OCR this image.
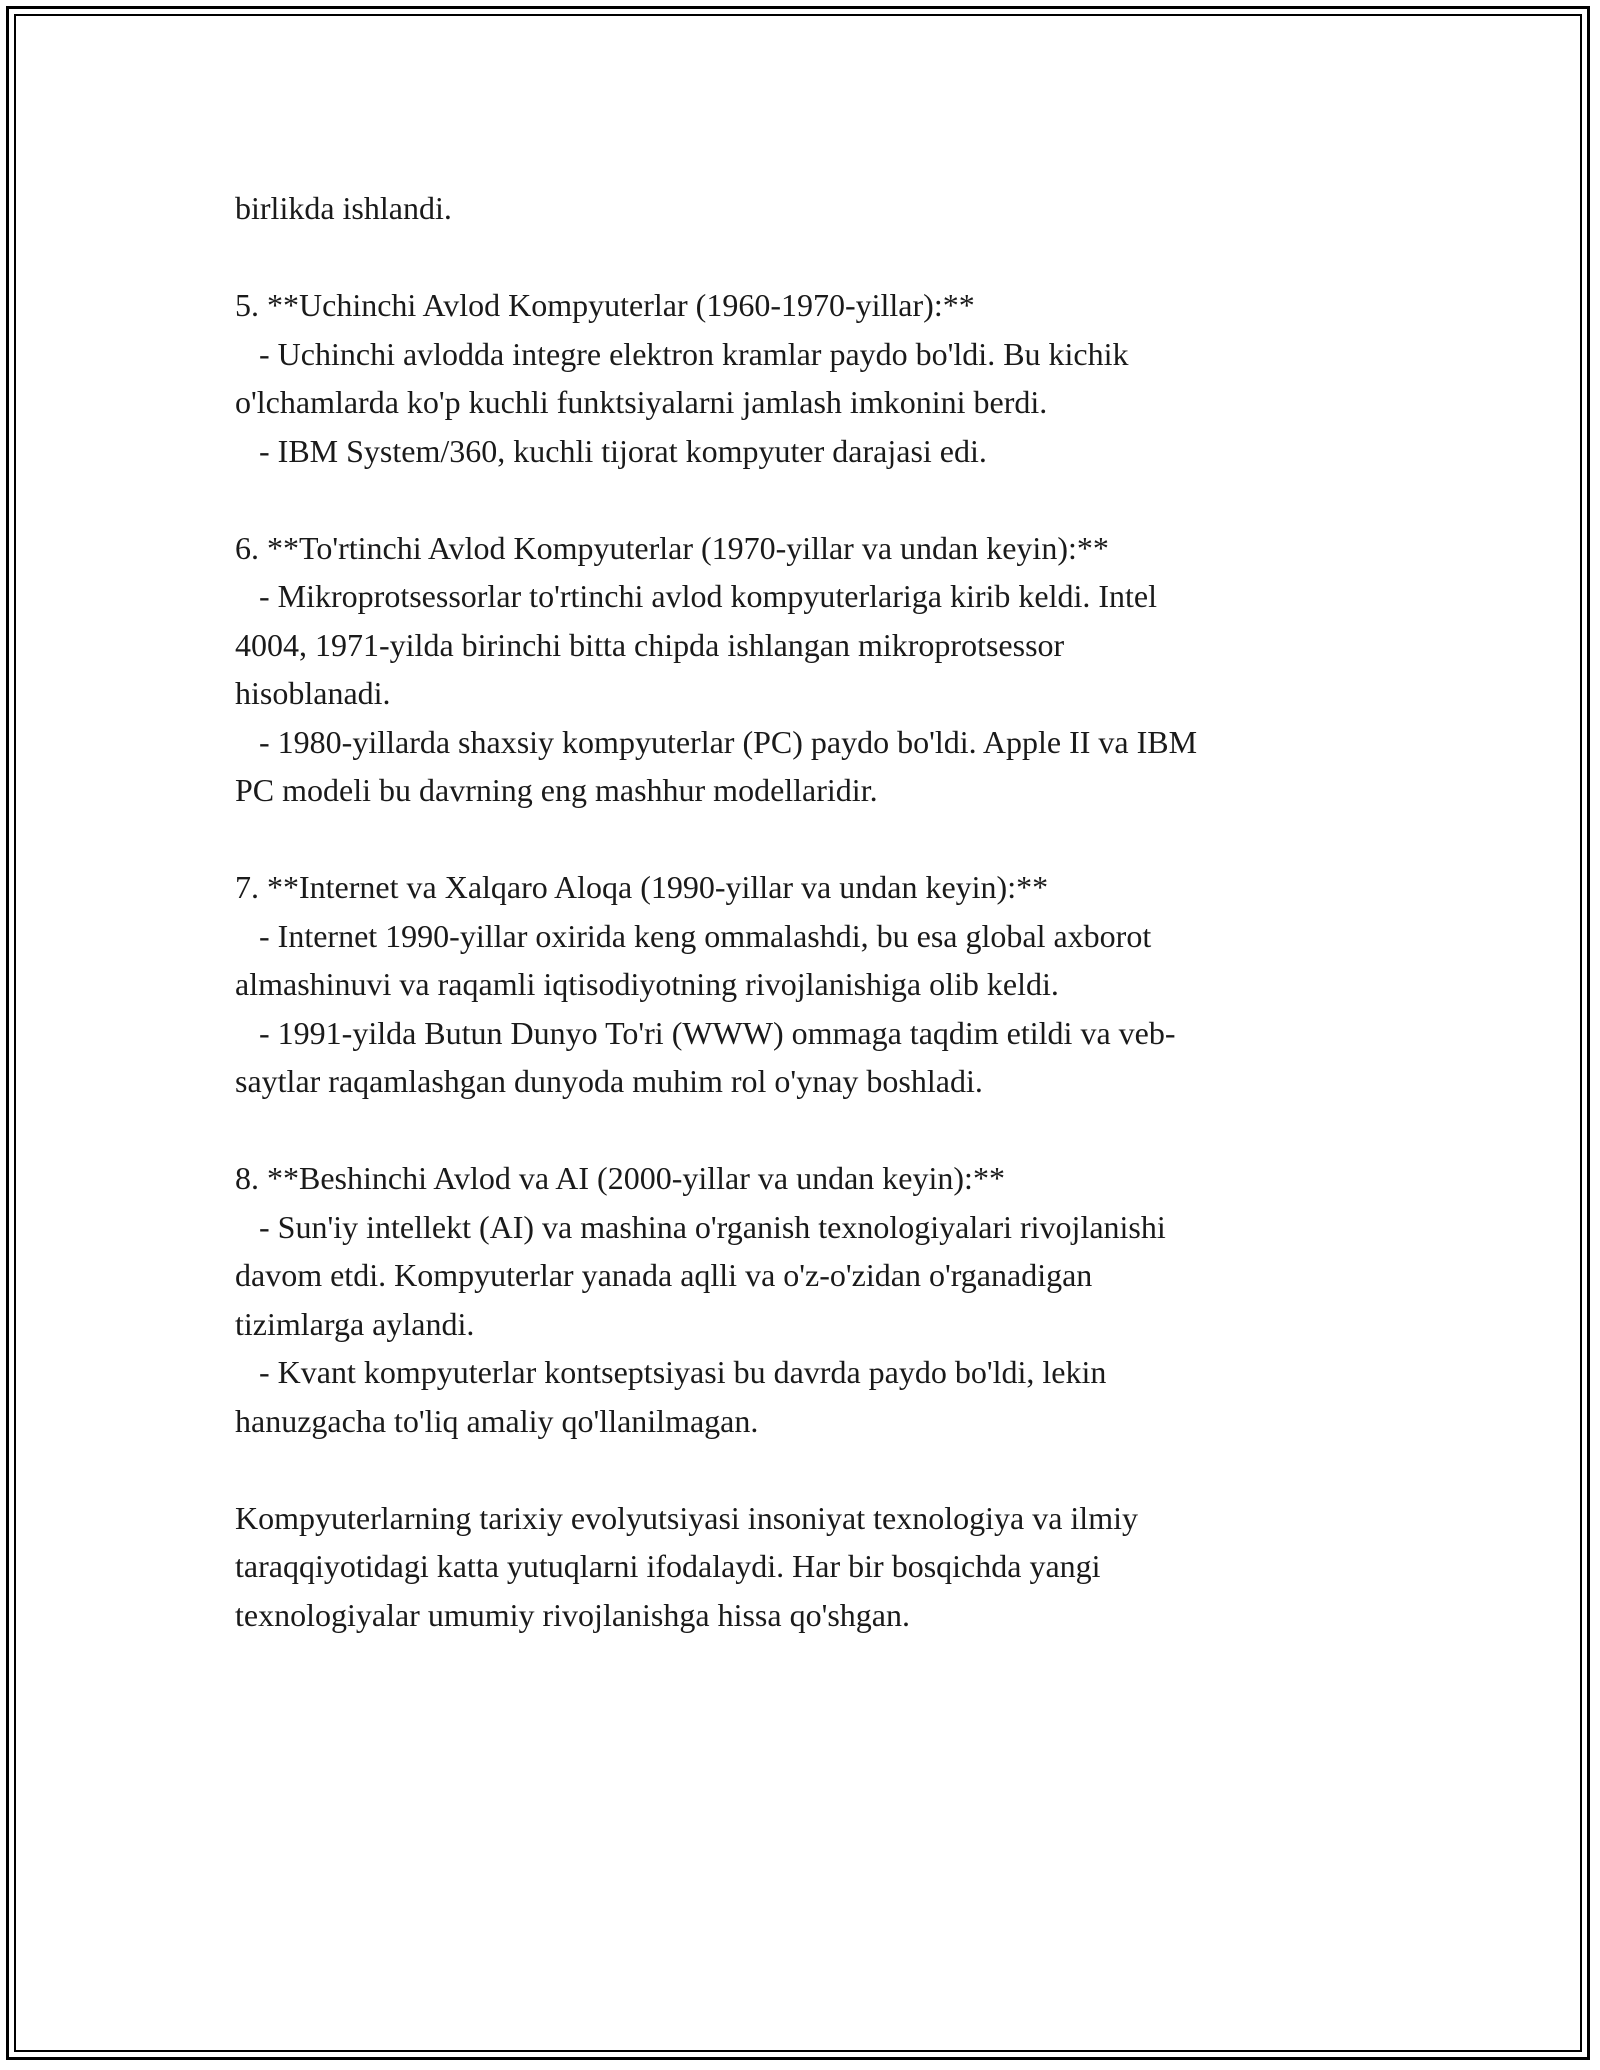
birlikda ishlandi.
5. **Uchinchi Avlod Kompyuterlar (1960-1970-yillar):**
- Uchinchi avlodda integre elektron kramlar paydo bo'ldi. Bu kichik
o'lchamlarda ko'p kuchli funktsiyalarni jamlash imkonini berdi.
- IBM System/360, kuchli tijorat kompyuter darajasi edi.
6. **To'rtinchi Avlod Kompyuterlar (1970-yillar va undan keyin):**
- Mikroprotsessorlar to'rtinchi avlod kompyuterlariga kirib keldi. Intel
4004, 1971-yilda birinchi bitta chipda ishlangan mikroprotsessor
hisoblanadi.
- 1980-yillarda shaxsiy kompyuterlar (PC) paydo bo'ldi. Apple II va IBM
PC modeli bu davrning eng mashhur modellaridir.
7. **Internet va Xalqaro Aloqa (1990-yillar va undan keyin):**
- Internet 1990-yillar oxirida keng ommalashdi, bu esa global axborot
almashinuvi va raqamli iqtisodiyotning rivojlanishiga olib keldi.
- 1991-yilda Butun Dunyo To'ri (WWW) ommaga taqdim etildi va veb-
saytlar raqamlashgan dunyoda muhim rol o'ynay boshladi.
8. **Beshinchi Avlod va AI (2000-yillar va undan keyin):**
- Sun'iy intellekt (AI) va mashina o'rganish texnologiyalari rivojlanishi
davom etdi. Kompyuterlar yanada aqlli va o'z-o'zidan o'rganadigan
tizimlarga aylandi.
- Kvant kompyuterlar kontseptsiyasi bu davrda paydo bo'ldi, lekin
hanuzgacha to'liq amaliy qo'llanilmagan.
Kompyuterlarning tarixiy evolyutsiyasi insoniyat texnologiya va ilmiy
taraqqiyotidagi katta yutuqlarni ifodalaydi. Har bir bosqichda yangi
texnologiyalar umumiy rivojlanishga hissa qo'shgan.
